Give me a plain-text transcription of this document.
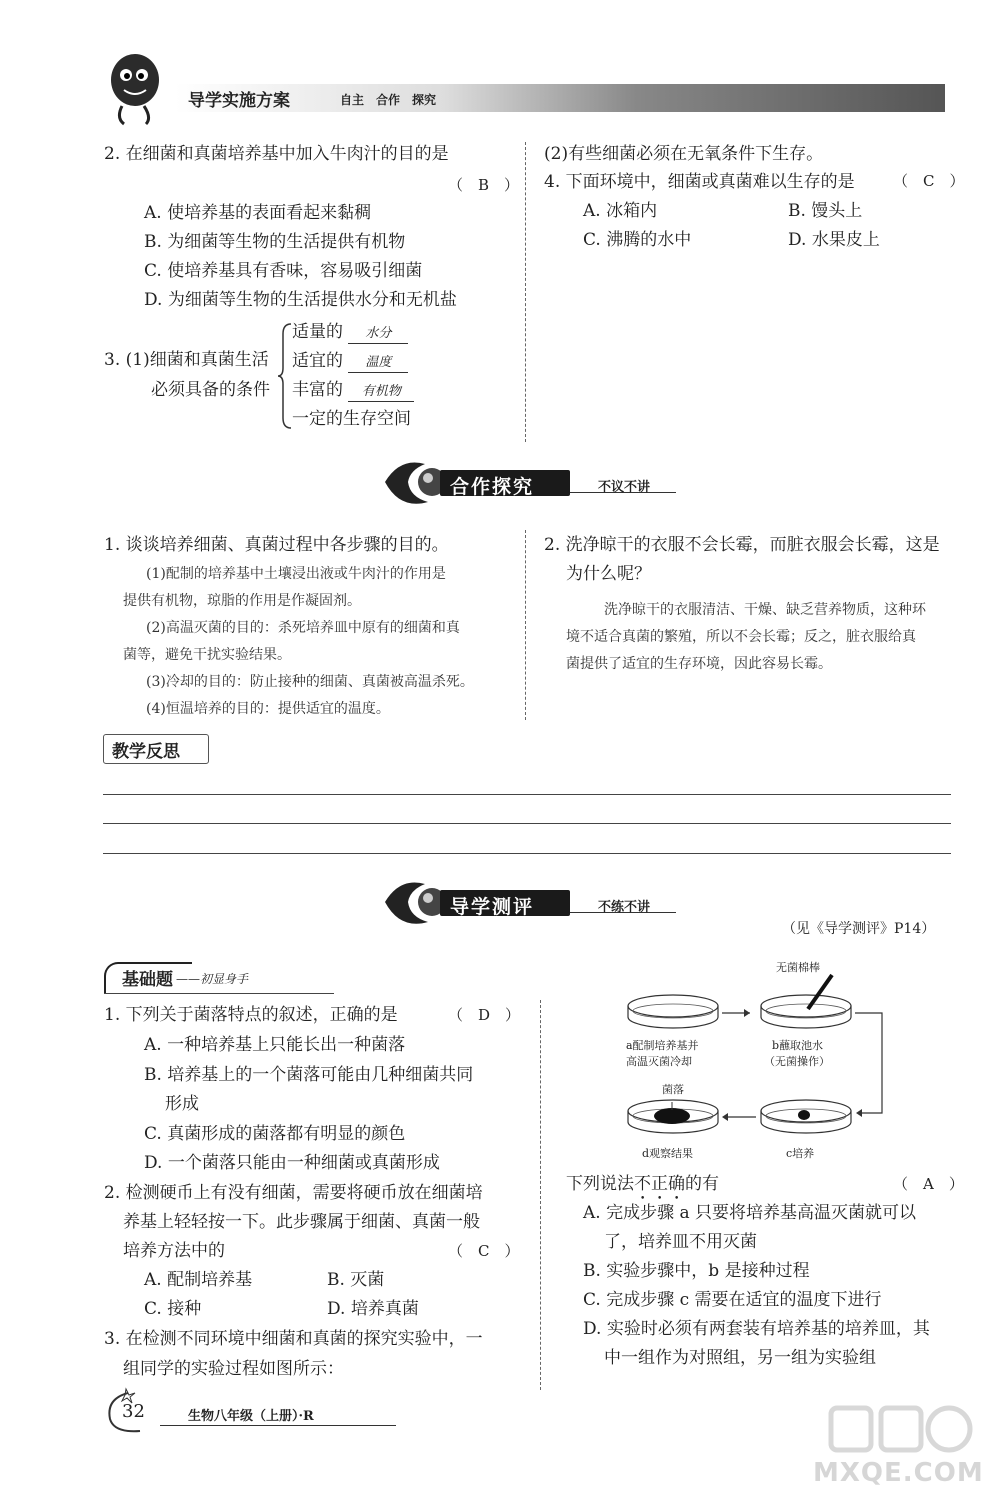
导学实施方案	自主　合作　探究
2. 在细菌和真菌培养基中加入牛肉汁的目的是
（　B　）
A. 使培养基的表面看起来黏稠
B. 为细菌等生物的生活提供有机物
C. 使培养基具有香味，容易吸引细菌
D. 为细菌等生物的生活提供水分和无机盐
3. (1)细菌和真菌生活
必须具备的条件
适量的 水分
适宜的 温度
丰富的 有机物
一定的生存空间
(2)有些细菌必须在无氧条件下生存。
4. 下面环境中，细菌或真菌难以生存的是	（　C　）
A. 冰箱内	B. 馒头上
C. 沸腾的水中	D. 水果皮上
合作探究	不议不讲
1. 谈谈培养细菌、真菌过程中各步骤的目的。
(1)配制的培养基中土壤浸出液或牛肉汁的作用是
提供有机物，琼脂的作用是作凝固剂。
(2)高温灭菌的目的：杀死培养皿中原有的细菌和真
菌等，避免干扰实验结果。
(3)冷却的目的：防止接种的细菌、真菌被高温杀死。
(4)恒温培养的目的：提供适宜的温度。
2. 洗净晾干的衣服不会长霉，而脏衣服会长霉，这是
为什么呢？
洗净晾干的衣服清洁、干燥、缺乏营养物质，这种环
境不适合真菌的繁殖，所以不会长霉；反之，脏衣服给真
菌提供了适宜的生存环境，因此容易长霉。
教学反思
导学测评	不练不讲
（见《导学测评》P14）
基础题 ——初显身手
1. 下列关于菌落特点的叙述，正确的是	（　D　）
A. 一种培养基上只能长出一种菌落
B. 培养基上的一个菌落可能由几种细菌共同
形成
C. 真菌形成的菌落都有明显的颜色
D. 一个菌落只能由一种细菌或真菌形成
2. 检测硬币上有没有细菌，需要将硬币放在细菌培
养基上轻轻按一下。此步骤属于细菌、真菌一般
培养方法中的	（　C　）
A. 配制培养基	B. 灭菌
C. 接种	D. 培养真菌
3. 在检测不同环境中细菌和真菌的探究实验中，一
组同学的实验过程如图所示：
无菌棉棒
a配制培养基并
高温灭菌冷却
b蘸取池水
（无菌操作）
菌落
d观察结果	c培养
下列说法不正确的有	（　A　）
A. 完成步骤 a 只要将培养基高温灭菌就可以
了，培养皿不用灭菌
B. 实验步骤中，b 是接种过程
C. 完成步骤 c 需要在适宜的温度下进行
D. 实验时必须有两套装有培养基的培养皿，其
中一组作为对照组，另一组为实验组
32	生物八年级（上册）·R
MXQE.COM
